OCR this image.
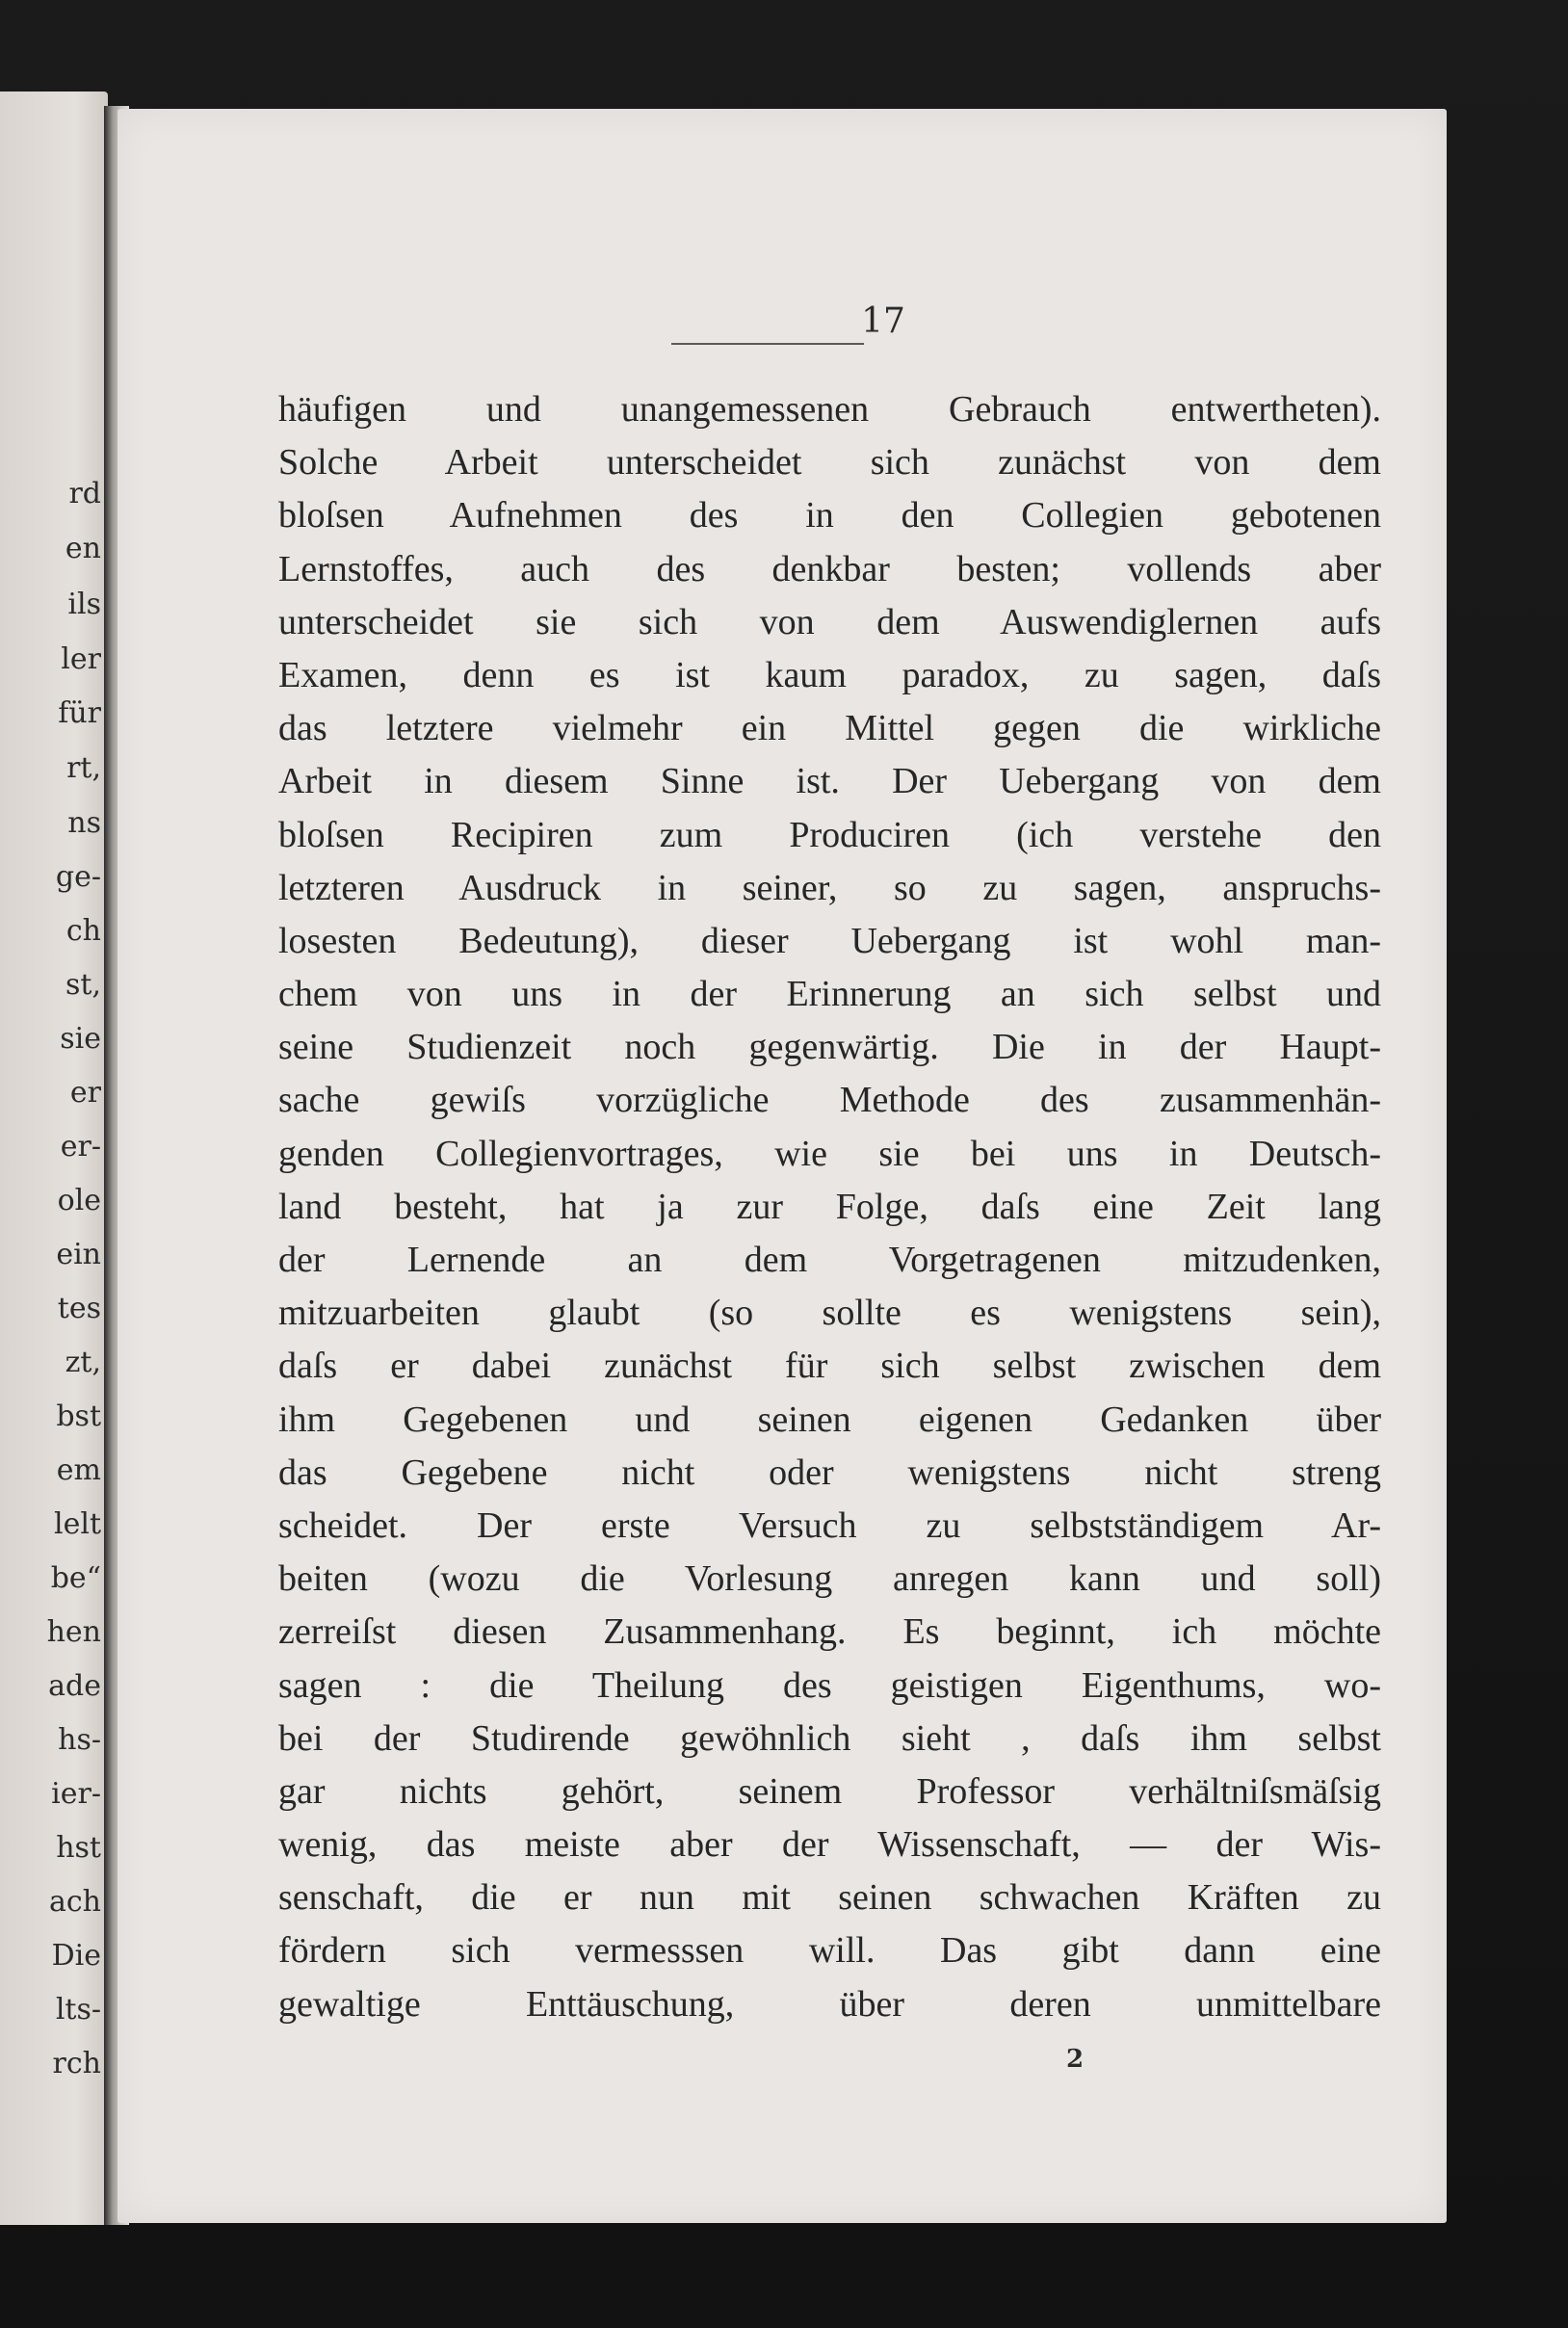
rd
en
ils
ler
für
rt,
ns
ge-
ch
st,
sie
er
er-
ole
ein
tes
zt,
bst
em
lelt
be“
hen
ade
hs-
ier-
hst
ach
Die
lts-
rch
17
häufigen und unangemessenen Gebrauch entwertheten).
Solche Arbeit unterscheidet sich zunächst von dem
bloſsen Aufnehmen des in den Collegien gebotenen
Lernstoffes, auch des denkbar besten; vollends aber
unterscheidet sie sich von dem Auswendiglernen aufs
Examen, denn es ist kaum paradox, zu sagen, daſs
das letztere vielmehr ein Mittel gegen die wirkliche
Arbeit in diesem Sinne ist. Der Uebergang von dem
bloſsen Recipiren zum Produciren (ich verstehe den
letzteren Ausdruck in seiner, so zu sagen, anspruchs-
losesten Bedeutung), dieser Uebergang ist wohl man-
chem von uns in der Erinnerung an sich selbst und
seine Studienzeit noch gegenwärtig. Die in der Haupt-
sache gewiſs vorzügliche Methode des zusammenhän-
genden Collegienvortrages, wie sie bei uns in Deutsch-
land besteht, hat ja zur Folge, daſs eine Zeit lang
der Lernende an dem Vorgetragenen mitzudenken,
mitzuarbeiten glaubt (so sollte es wenigstens sein),
daſs er dabei zunächst für sich selbst zwischen dem
ihm Gegebenen und seinen eigenen Gedanken über
das Gegebene nicht oder wenigstens nicht streng
scheidet. Der erste Versuch zu selbstständigem Ar-
beiten (wozu die Vorlesung anregen kann und soll)
zerreiſst diesen Zusammenhang. Es beginnt, ich möchte
sagen : die Theilung des geistigen Eigenthums, wo-
bei der Studirende gewöhnlich sieht , daſs ihm selbst
gar nichts gehört, seinem Professor verhältniſsmäſsig
wenig, das meiste aber der Wissenschaft, — der Wis-
senschaft, die er nun mit seinen schwachen Kräften zu
fördern sich vermesssen will. Das gibt dann eine
gewaltige Enttäuschung, über deren unmittelbare
2
